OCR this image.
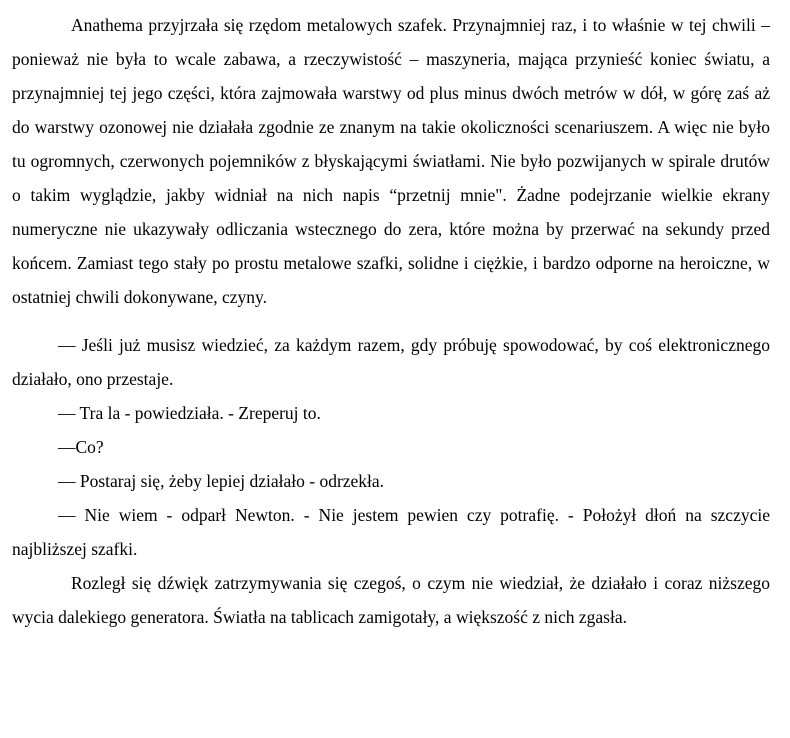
Anathema przyjrzała się rzędom metalowych szafek. Przynajmniej raz, i to właśnie w tej chwili – ponieważ nie była to wcale zabawa, a rzeczywistość – maszyneria, mająca przynieść koniec światu, a przynajmniej tej jego części, która zajmowała warstwy od plus minus dwóch metrów w dół, w górę zaś aż do warstwy ozonowej nie działała zgodnie ze znanym na takie okoliczności scenariuszem. A więc nie było tu ogromnych, czerwonych pojemników z błyskającymi światłami. Nie było pozwijanych w spirale drutów o takim wyglądzie, jakby widniał na nich napis “przetnij mnie". Żadne podejrzanie wielkie ekrany numeryczne nie ukazywały odliczania wstecznego do zera, które można by przerwać na sekundy przed końcem. Zamiast tego stały po prostu metalowe szafki, solidne i ciężkie, i bardzo odporne na heroiczne, w ostatniej chwili dokonywane, czyny.

— Jeśli już musisz wiedzieć, za każdym razem, gdy próbuję spowodować, by coś elektronicznego działało, ono przestaje.

— Tra la - powiedziała. - Zreperuj to.

—Co?

— Postaraj się, żeby lepiej działało - odrzekła.

— Nie wiem - odparł Newton. - Nie jestem pewien czy potrafię. - Położył dłoń na szczycie najbliższej szafki.

Rozległ się dźwięk zatrzymywania się czegoś, o czym nie wiedział, że działało i coraz niższego wycia dalekiego generatora. Światła na tablicach zamigotały, a większość z nich zgasła.
